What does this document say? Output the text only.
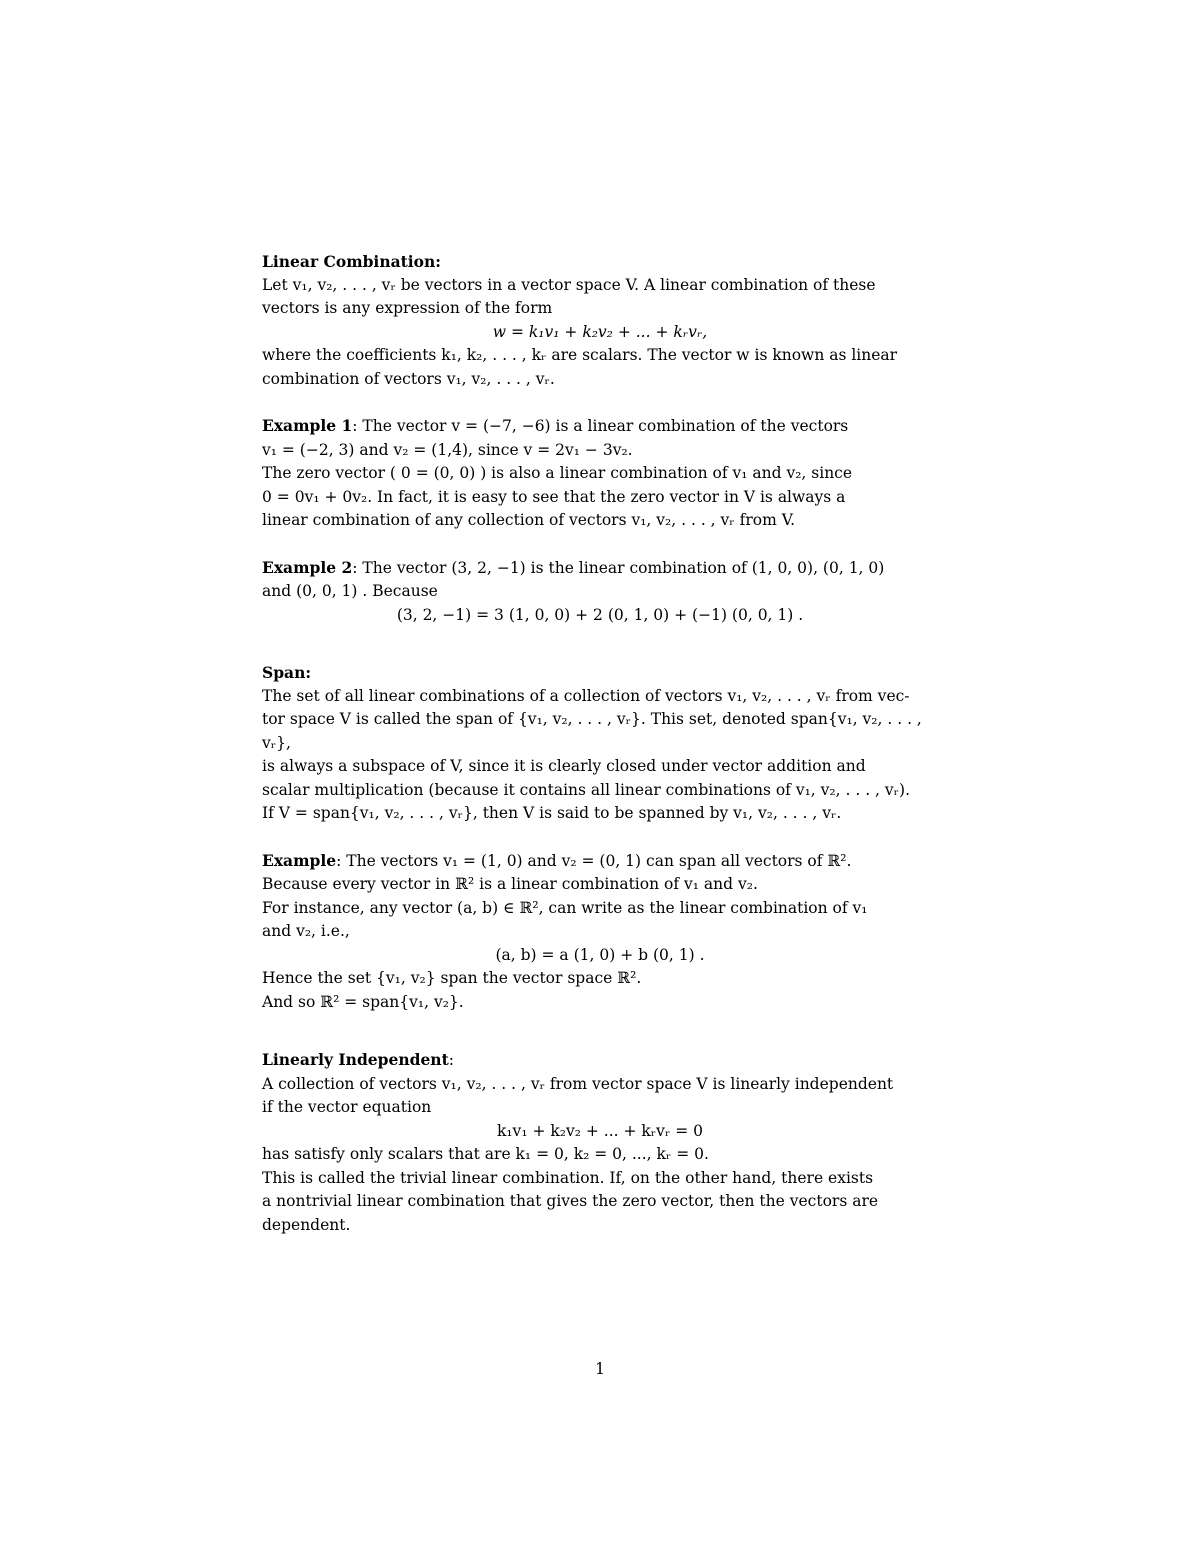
Linear Combination:

Let v₁, v₂, . . . , vᵣ be vectors in a vector space V. A linear combination of these

vectors is any expression of the form

w = k₁v₁ + k₂v₂ + ... + kᵣvᵣ,

where the coefficients k₁, k₂, . . . , kᵣ are scalars. The vector w is known as linear

combination of vectors v₁, v₂, . . . , vᵣ.

Example 1: The vector v = (−7, −6) is a linear combination of the vectors

v₁ = (−2, 3) and v₂ = (1,4), since v = 2v₁ − 3v₂.

The zero vector ( 0 = (0, 0) ) is also a linear combination of v₁ and v₂, since

0 = 0v₁ + 0v₂. In fact, it is easy to see that the zero vector in V is always a

linear combination of any collection of vectors v₁, v₂, . . . , vᵣ from V.

Example 2: The vector (3, 2, −1) is the linear combination of (1, 0, 0), (0, 1, 0)

and (0, 0, 1) . Because

(3, 2, −1) = 3 (1, 0, 0) + 2 (0, 1, 0) + (−1) (0, 0, 1) .

Span:

The set of all linear combinations of a collection of vectors v₁, v₂, . . . , vᵣ from vec-

tor space V is called the span of {v₁, v₂, . . . , vᵣ}. This set, denoted span{v₁, v₂, . . . , vᵣ},

is always a subspace of V, since it is clearly closed under vector addition and

scalar multiplication (because it contains all linear combinations of v₁, v₂, . . . , vᵣ).

If V = span{v₁, v₂, . . . , vᵣ}, then V is said to be spanned by v₁, v₂, . . . , vᵣ.

Example: The vectors v₁ = (1, 0) and v₂ = (0, 1) can span all vectors of ℝ².

Because every vector in ℝ² is a linear combination of v₁ and v₂.

For instance, any vector (a, b) ∈ ℝ², can write as the linear combination of v₁

and v₂, i.e.,

(a, b) = a (1, 0) + b (0, 1) .

Hence the set {v₁, v₂} span the vector space ℝ².

And so ℝ² = span{v₁, v₂}.

Linearly Independent:

A collection of vectors v₁, v₂, . . . , vᵣ from vector space V is linearly independent

if the vector equation

k₁v₁ + k₂v₂ + ... + kᵣvᵣ = 0

has satisfy only scalars that are k₁ = 0, k₂ = 0, ..., kᵣ = 0.

This is called the trivial linear combination. If, on the other hand, there exists

a nontrivial linear combination that gives the zero vector, then the vectors are

dependent.

1
